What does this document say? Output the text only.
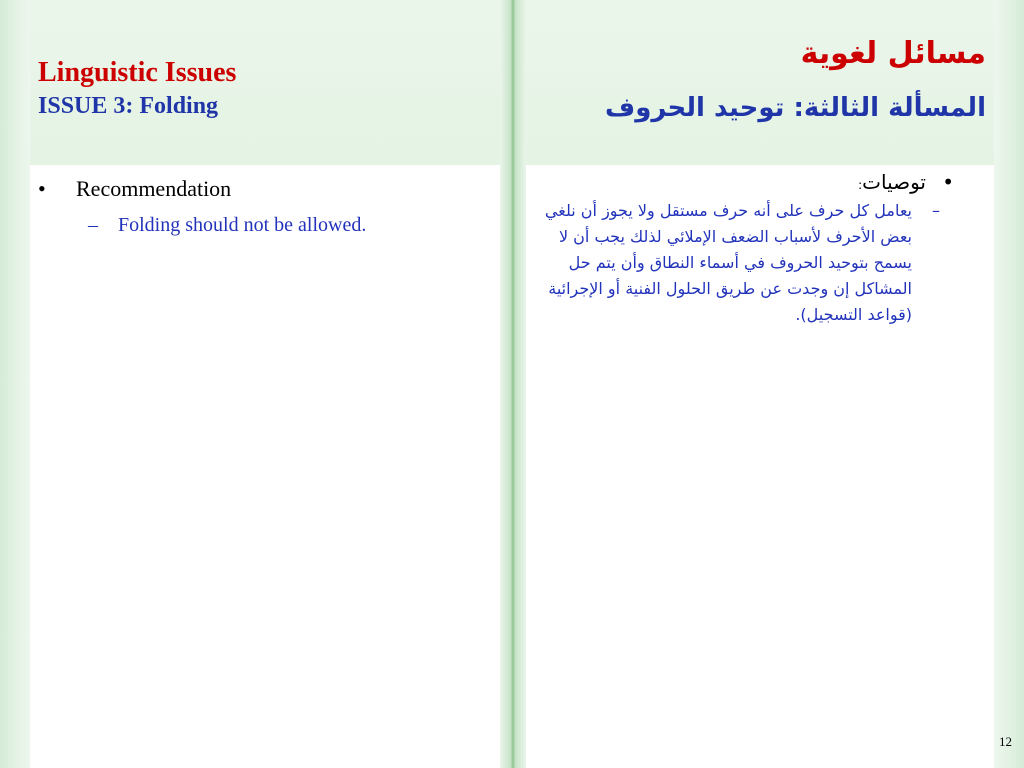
Linguistic Issues
ISSUE 3: Folding
مسائل لغوية
المسألة الثالثة: توحيد الحروف
•	Recommendation
–	Folding should not be allowed.
•
توصيات
:
–
يعامل كل حرف على أنه حرف مستقل ولا يجوز أن نلغي بعض الأحرف لأسباب الضعف الإملائي لذلك يجب أن لا يسمح بتوحيد الحروف في أسماء النطاق وأن يتم حل المشاكل إن وجدت عن طريق الحلول الفنية أو الإجرائية (قواعد التسجيل).
12
